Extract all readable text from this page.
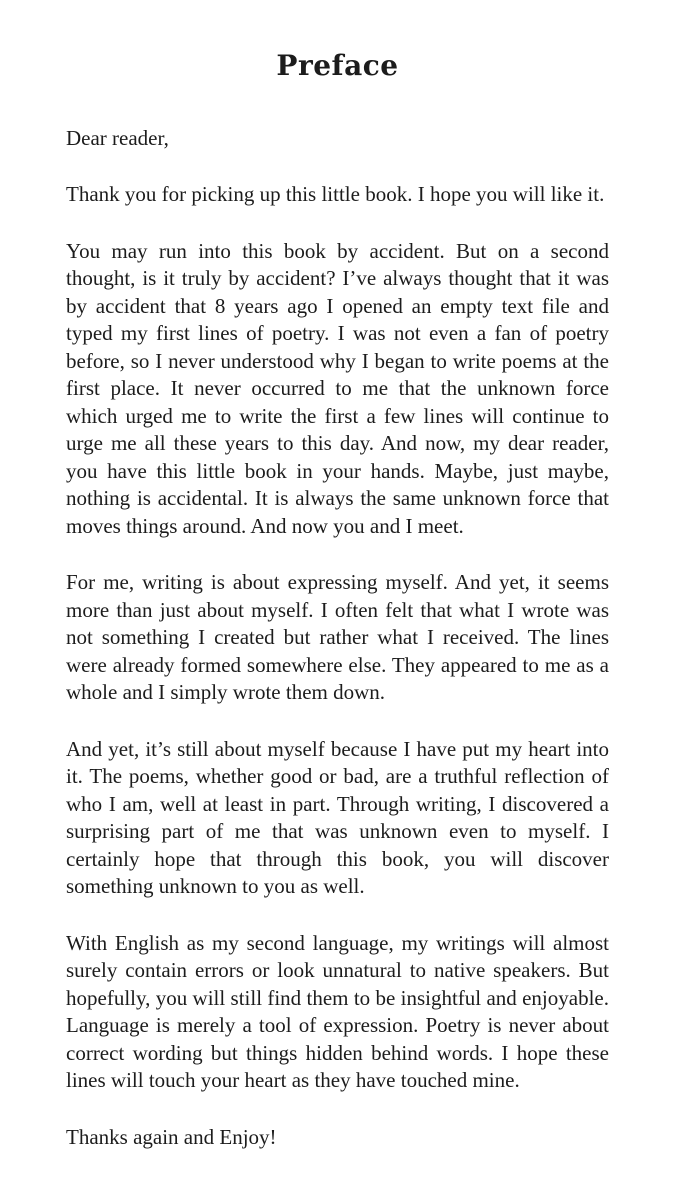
Preface

Dear reader,

Thank you for picking up this little book. I hope you will like it.

You may run into this book by accident. But on a second thought, is it truly by accident? I’ve always thought that it was by accident that 8 years ago I opened an empty text file and typed my first lines of poetry. I was not even a fan of poetry before, so I never understood why I began to write poems at the first place. It never occurred to me that the unknown force which urged me to write the first a few lines will continue to urge me all these years to this day. And now, my dear reader, you have this little book in your hands. Maybe, just maybe, nothing is accidental. It is always the same unknown force that moves things around. And now you and I meet.

For me, writing is about expressing myself. And yet, it seems more than just about myself. I often felt that what I wrote was not something I created but rather what I received. The lines were already formed somewhere else. They appeared to me as a whole and I simply wrote them down.

And yet, it’s still about myself because I have put my heart into it. The poems, whether good or bad, are a truthful reflection of who I am, well at least in part. Through writing, I discovered a surprising part of me that was unknown even to myself. I certainly hope that through this book, you will discover something unknown to you as well.

With English as my second language, my writings will almost surely contain errors or look unnatural to native speakers. But hopefully, you will still find them to be insightful and enjoyable. Language is merely a tool of expression. Poetry is never about correct wording but things hidden behind words. I hope these lines will touch your heart as they have touched mine.

Thanks again and Enjoy!
